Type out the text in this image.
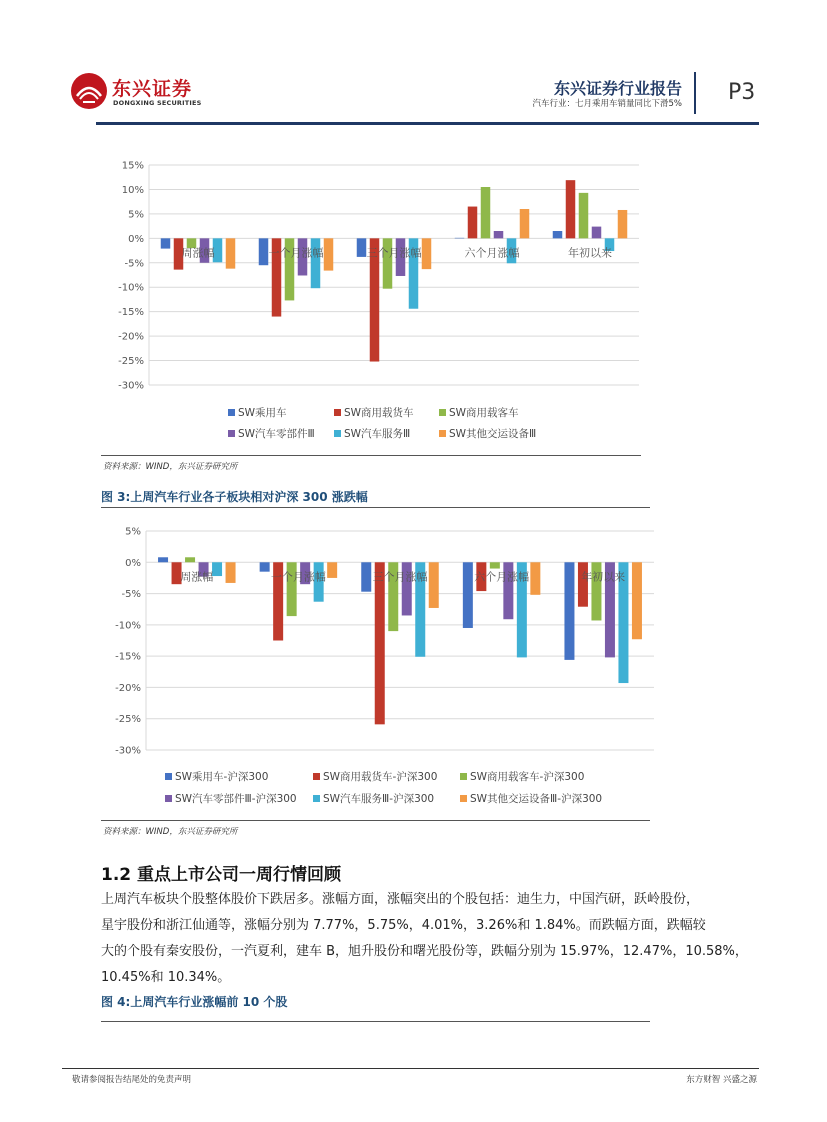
东兴证券
DONGXING SECURITIES
东兴证券行业报告
汽车行业：七月乘用车销量同比下滑5% P3
15%
10%
5%
0%
-5%
-10%
-15%
-20%
-25%
-30%
周涨幅	一个月涨幅	三个月涨幅	六个月涨幅	年初以来
SW乘用车	SW商用载货车	SW商用载客车
SW汽车零部件Ⅲ	SW汽车服务Ⅲ	SW其他交运设备Ⅲ
资料来源：WIND，东兴证券研究所
图 3:上周汽车行业各子板块相对沪深 300 涨跌幅
5%
0%
-5%
-10%
-15%
-20%
-25%
-30%
周涨幅	一个月涨幅	三个月涨幅	六个月涨幅	年初以来
SW乘用车-沪深300	SW商用载货车-沪深300	SW商用载客车-沪深300
SW汽车零部件Ⅲ-沪深300	SW汽车服务Ⅲ-沪深300	SW其他交运设备Ⅲ-沪深300
资料来源：WIND，东兴证券研究所
1.2 重点上市公司一周行情回顾

上周汽车板块个股整体股价下跌居多。涨幅方面，涨幅突出的个股包括：迪生力，中国汽研，跃岭股份，

星宇股份和浙江仙通等，涨幅分别为 7.77%，5.75%，4.01%，3.26%和 1.84%。而跌幅方面，跌幅较

大的个股有秦安股份，一汽夏利，建车 B，旭升股份和曙光股份等，跌幅分别为 15.97%，12.47%，10.58%，

10.45%和 10.34%。

图 4:上周汽车行业涨幅前 10 个股
敬请参阅报告结尾处的免责声明	东方财智 兴盛之源
